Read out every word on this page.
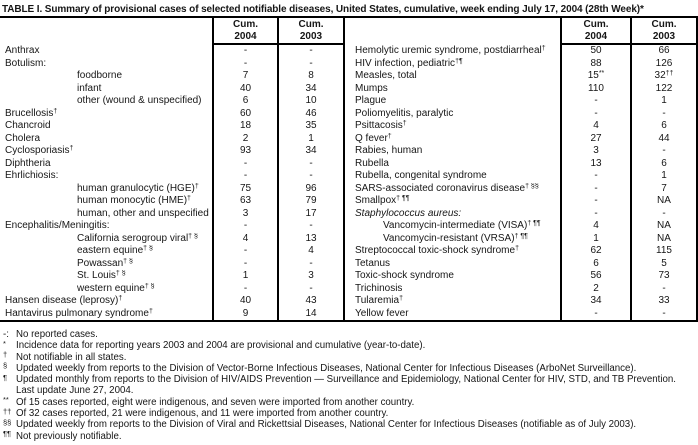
TABLE I. Summary of provisional cases of selected notifiable diseases, United States, cumulative, week ending July 17, 2004 (28th Week)*
Cum.
2004
Cum.
2003
Anthrax	-	-
Botulism:	-	-
foodborne	7	8
infant	40	34
other (wound & unspecified)	6	10
Brucellosis†	60	46
Chancroid	18	35
Cholera	2	1
Cyclosporiasis†	93	34
Diphtheria	-	-
Ehrlichiosis:	-	-
human granulocytic (HGE)†	75	96
human monocytic (HME)†	63	79
human, other and unspecified	3	17
Encephalitis/Meningitis:	-	-
California serogroup viral† §	4	13
eastern equine† §	-	4
Powassan† §	-	-
St. Louis† §	1	3
western equine† §	-	-
Hansen disease (leprosy)†	40	43
Hantavirus pulmonary syndrome†	9	14
Cum.
2004
Cum.
2003
Hemolytic uremic syndrome, postdiarrheal†	50	66
HIV infection, pediatric†¶	88	126
Measles, total	15**	32††
Mumps	110	122
Plague	-	1
Poliomyelitis, paralytic	-	-
Psittacosis†	4	6
Q fever†	27	44
Rabies, human	3	-
Rubella	13	6
Rubella, congenital syndrome	-	1
SARS-associated coronavirus disease† §§	-	7
Smallpox† ¶¶	-	NA
Staphylococcus aureus:	-	-
Vancomycin-intermediate (VISA)† ¶¶	4	NA
Vancomycin-resistant (VRSA)† ¶¶	1	NA
Streptococcal toxic-shock syndrome†	62	115
Tetanus	6	5
Toxic-shock syndrome	56	73
Trichinosis	2	-
Tularemia†	34	33
Yellow fever	-	-
-: No reported cases.
* Incidence data for reporting years 2003 and 2004 are provisional and cumulative (year-to-date).
† Not notifiable in all states.
§ Updated weekly from reports to the Division of Vector-Borne Infectious Diseases, National Center for Infectious Diseases (ArboNet Surveillance).
¶ Updated monthly from reports to the Division of HIV/AIDS Prevention — Surveillance and Epidemiology, National Center for HIV, STD, and TB Prevention.
Last update June 27, 2004.
** Of 15 cases reported, eight were indigenous, and seven were imported from another country.
†† Of 32 cases reported, 21 were indigenous, and 11 were imported from another country.
§§ Updated weekly from reports to the Division of Viral and Rickettsial Diseases, National Center for Infectious Diseases (notifiable as of July 2003).
¶¶ Not previously notifiable.
